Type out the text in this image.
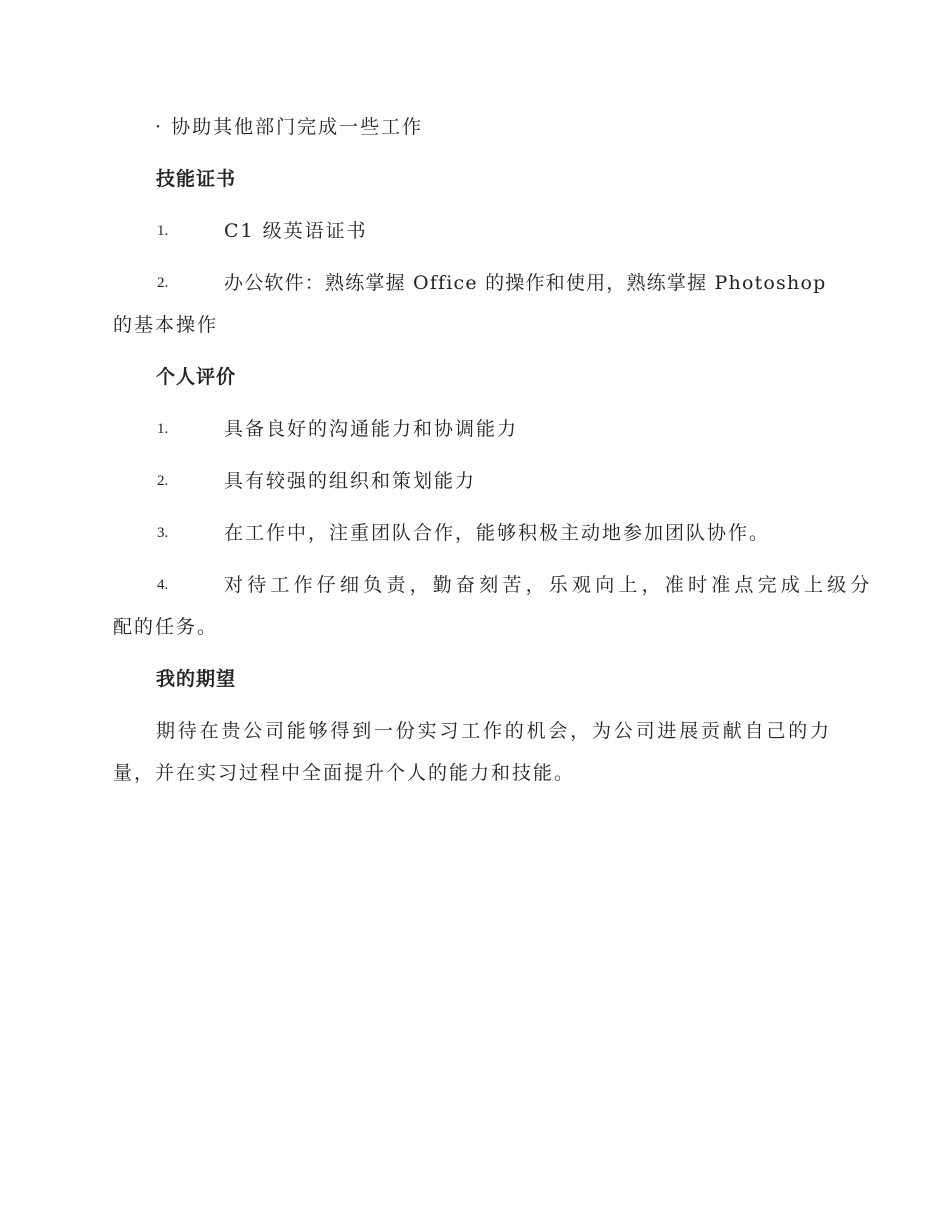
· 协助其他部门完成一些工作
技能证书
1.	C1 级英语证书
2.	办公软件：熟练掌握 Office 的操作和使用，熟练掌握 Photoshop
的基本操作
个人评价
1.	具备良好的沟通能力和协调能力
2.	具有较强的组织和策划能力
3.	在工作中，注重团队合作，能够积极主动地参加团队协作。
4.	对待工作仔细负责，勤奋刻苦，乐观向上，准时准点完成上级分
配的任务。
我的期望
期待在贵公司能够得到一份实习工作的机会，为公司进展贡献自己的力
量，并在实习过程中全面提升个人的能力和技能。
